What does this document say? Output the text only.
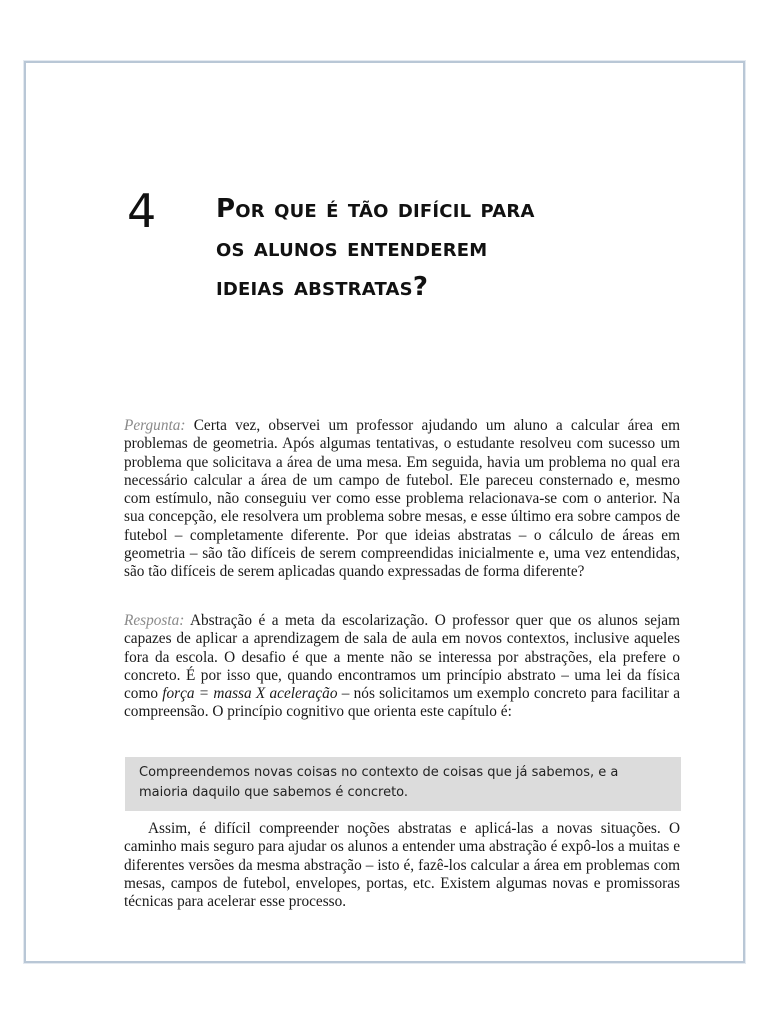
4 Por que é tão difícil para
os alunos entenderem
ideias abstratas?

Pergunta: Certa vez, observei um professor ajudando um aluno a calcular área em problemas de geometria. Após algumas tentativas, o estudante resolveu com sucesso um problema que solicitava a área de uma mesa. Em seguida, havia um problema no qual era necessário calcular a área de um campo de futebol. Ele pareceu consternado e, mesmo com estímulo, não conseguiu ver como esse problema relacionava-se com o anterior. Na sua concepção, ele resolvera um problema sobre mesas, e esse último era sobre campos de futebol – completamente diferente. Por que ideias abstratas – o cálculo de áreas em geometria – são tão difíceis de serem compreendidas inicialmente e, uma vez entendidas, são tão difíceis de serem aplicadas quando expressadas de forma diferente?

Resposta: Abstração é a meta da escolarização. O professor quer que os alunos sejam capazes de aplicar a aprendizagem de sala de aula em novos contextos, inclusive aqueles fora da escola. O desafio é que a mente não se interessa por abstrações, ela prefere o concreto. É por isso que, quando encontramos um princípio abstrato – uma lei da física como força = massa X aceleração – nós solicitamos um exemplo concreto para facilitar a compreensão. O princípio cognitivo que orienta este capítulo é:

Compreendemos novas coisas no contexto de coisas que já sabemos, e a maioria daquilo que sabemos é concreto.

Assim, é difícil compreender noções abstratas e aplicá-las a novas situações. O caminho mais seguro para ajudar os alunos a entender uma abstração é expô-los a muitas e diferentes versões da mesma abstração – isto é, fazê-los calcular a área em problemas com mesas, campos de futebol, envelopes, portas, etc. Existem algumas novas e promissoras técnicas para acelerar esse processo.
